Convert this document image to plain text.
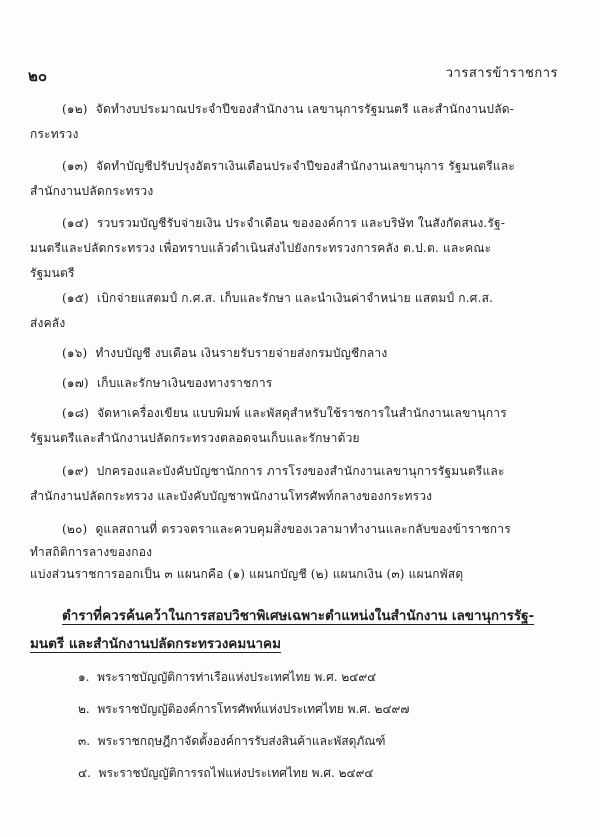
๒๐	วารสารข้าราชการ
(๑๒) จัดทำงบประมาณประจำปีของสำนักงาน เลขานุการรัฐมนตรี และสำนักงานปลัด-
กระทรวง
(๑๓) จัดทำบัญชีปรับปรุงอัตราเงินเดือนประจำปีของสำนักงานเลขานุการ รัฐมนตรีและ
สำนักงานปลัดกระทรวง
(๑๔) รวบรวมบัญชีรับจ่ายเงิน ประจำเดือน ขององค์การ และบริษัท ในสังกัดสนง.รัฐ-
มนตรีและปลัดกระทรวง เพื่อทราบแล้วดำเนินส่งไปยังกระทรวงการคลัง ต.ป.ต. และคณะ
รัฐมนตรี
(๑๕) เบิกจ่ายแสตมป์ ก.ศ.ส. เก็บและรักษา และนำเงินค่าจำหน่าย แสตมป์ ก.ศ.ส.
ส่งคลัง
(๑๖) ทำงบบัญชี งบเดือน เงินรายรับรายจ่ายส่งกรมบัญชีกลาง
(๑๗) เก็บและรักษาเงินของทางราชการ
(๑๘) จัดหาเครื่องเขียน แบบพิมพ์ และพัสดุสำหรับใช้ราชการในสำนักงานเลขานุการ
รัฐมนตรีและสำนักงานปลัดกระทรวงตลอดจนเก็บและรักษาด้วย
(๑๙) ปกครองและบังคับบัญชานักการ ภารโรงของสำนักงานเลขานุการรัฐมนตรีและ
สำนักงานปลัดกระทรวง และบังคับบัญชาพนักงานโทรศัพท์กลางของกระทรวง
(๒๐) ดูแลสถานที่ ตรวจตราและควบคุมสิ่งของเวลามาทำงานและกลับของข้าราชการ
ทำสถิติการลางของกอง
แบ่งส่วนราชการออกเป็น ๓ แผนกคือ (๑) แผนกบัญชี (๒) แผนกเงิน (๓) แผนกพัสดุ
ตำราที่ควรค้นคว้าในการสอบวิชาพิเศษเฉพาะตำแหน่งในสำนักงาน เลขานุการรัฐ-
มนตรี และสำนักงานปลัดกระทรวงคมนาคม
๑. พระราชบัญญัติการท่าเรือแห่งประเทศไทย พ.ศ. ๒๔๙๔
๒. พระราชบัญญัติองค์การโทรศัพท์แห่งประเทศไทย พ.ศ. ๒๔๙๗
๓. พระราชกฤษฎีกาจัดตั้งองค์การรับส่งสินค้าและพัสดุภัณฑ์
๔. พระราชบัญญัติการรถไฟแห่งประเทศไทย พ.ศ. ๒๔๙๔
